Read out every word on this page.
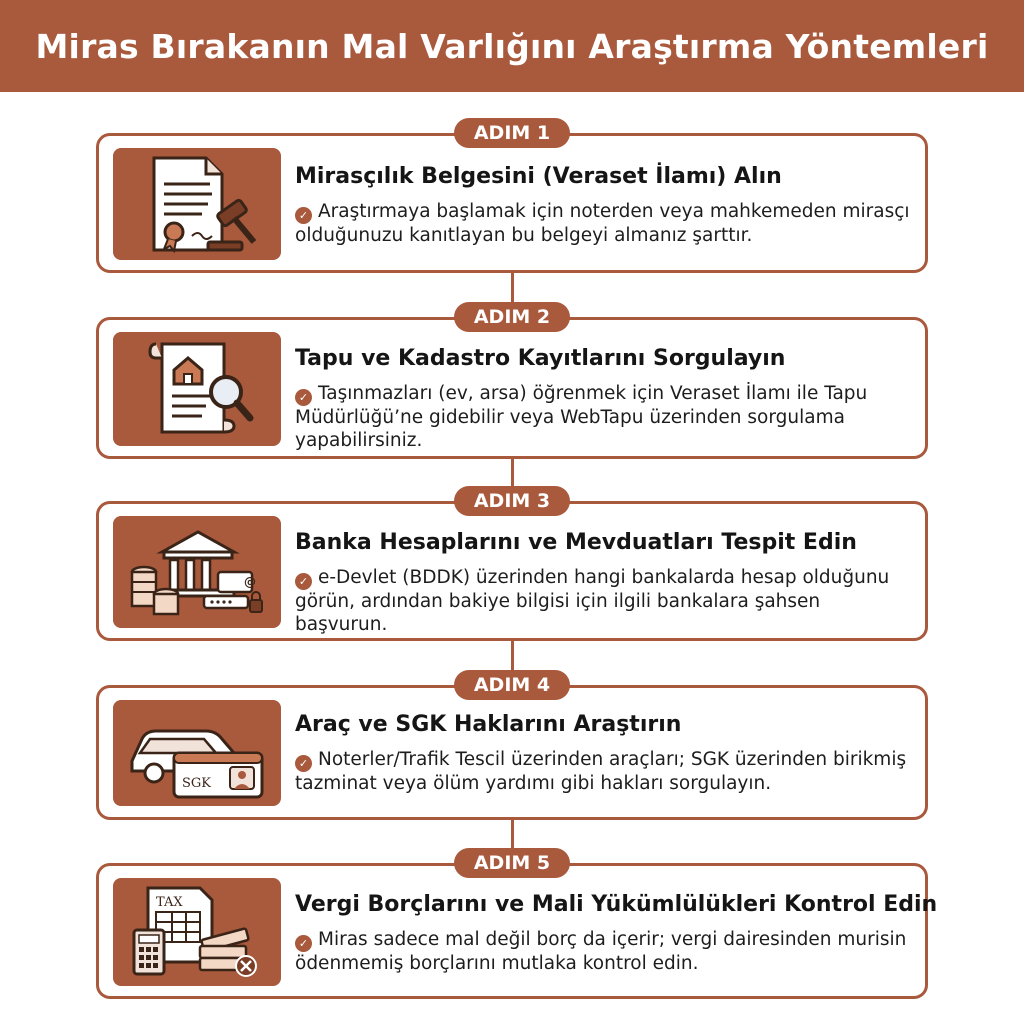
Miras Bırakanın Mal Varlığını Araştırma Yöntemleri
ADIM 1
Mirasçılık Belgesini (Veraset İlamı) Alın
✓ Araştırmaya başlamak için noterden veya mahkemeden mirasçı olduğunuzu kanıtlayan bu belgeyi almanız şarttır.
ADIM 2
Tapu ve Kadastro Kayıtlarını Sorgulayın
✓ Taşınmazları (ev, arsa) öğrenmek için Veraset İlamı ile Tapu Müdürlüğü’ne gidebilir veya WebTapu üzerinden sorgulama yapabilirsiniz.
ADIM 3
@
Banka Hesaplarını ve Mevduatları Tespit Edin
✓ e-Devlet (BDDK) üzerinden hangi bankalarda hesap olduğunu görün, ardından bakiye bilgisi için ilgili bankalara şahsen başvurun.
ADIM 4
SGK
Araç ve SGK Haklarını Araştırın
✓ Noterler/Trafik Tescil üzerinden araçları; SGK üzerinden birikmiş tazminat veya ölüm yardımı gibi hakları sorgulayın.
ADIM 5
TAX	Vergi Borçlarını ve Mali Yükümlülükleri Kontrol Edin
✓ Miras sadece mal değil borç da içerir; vergi dairesinden murisin ödenmemiş borçlarını mutlaka kontrol edin.
